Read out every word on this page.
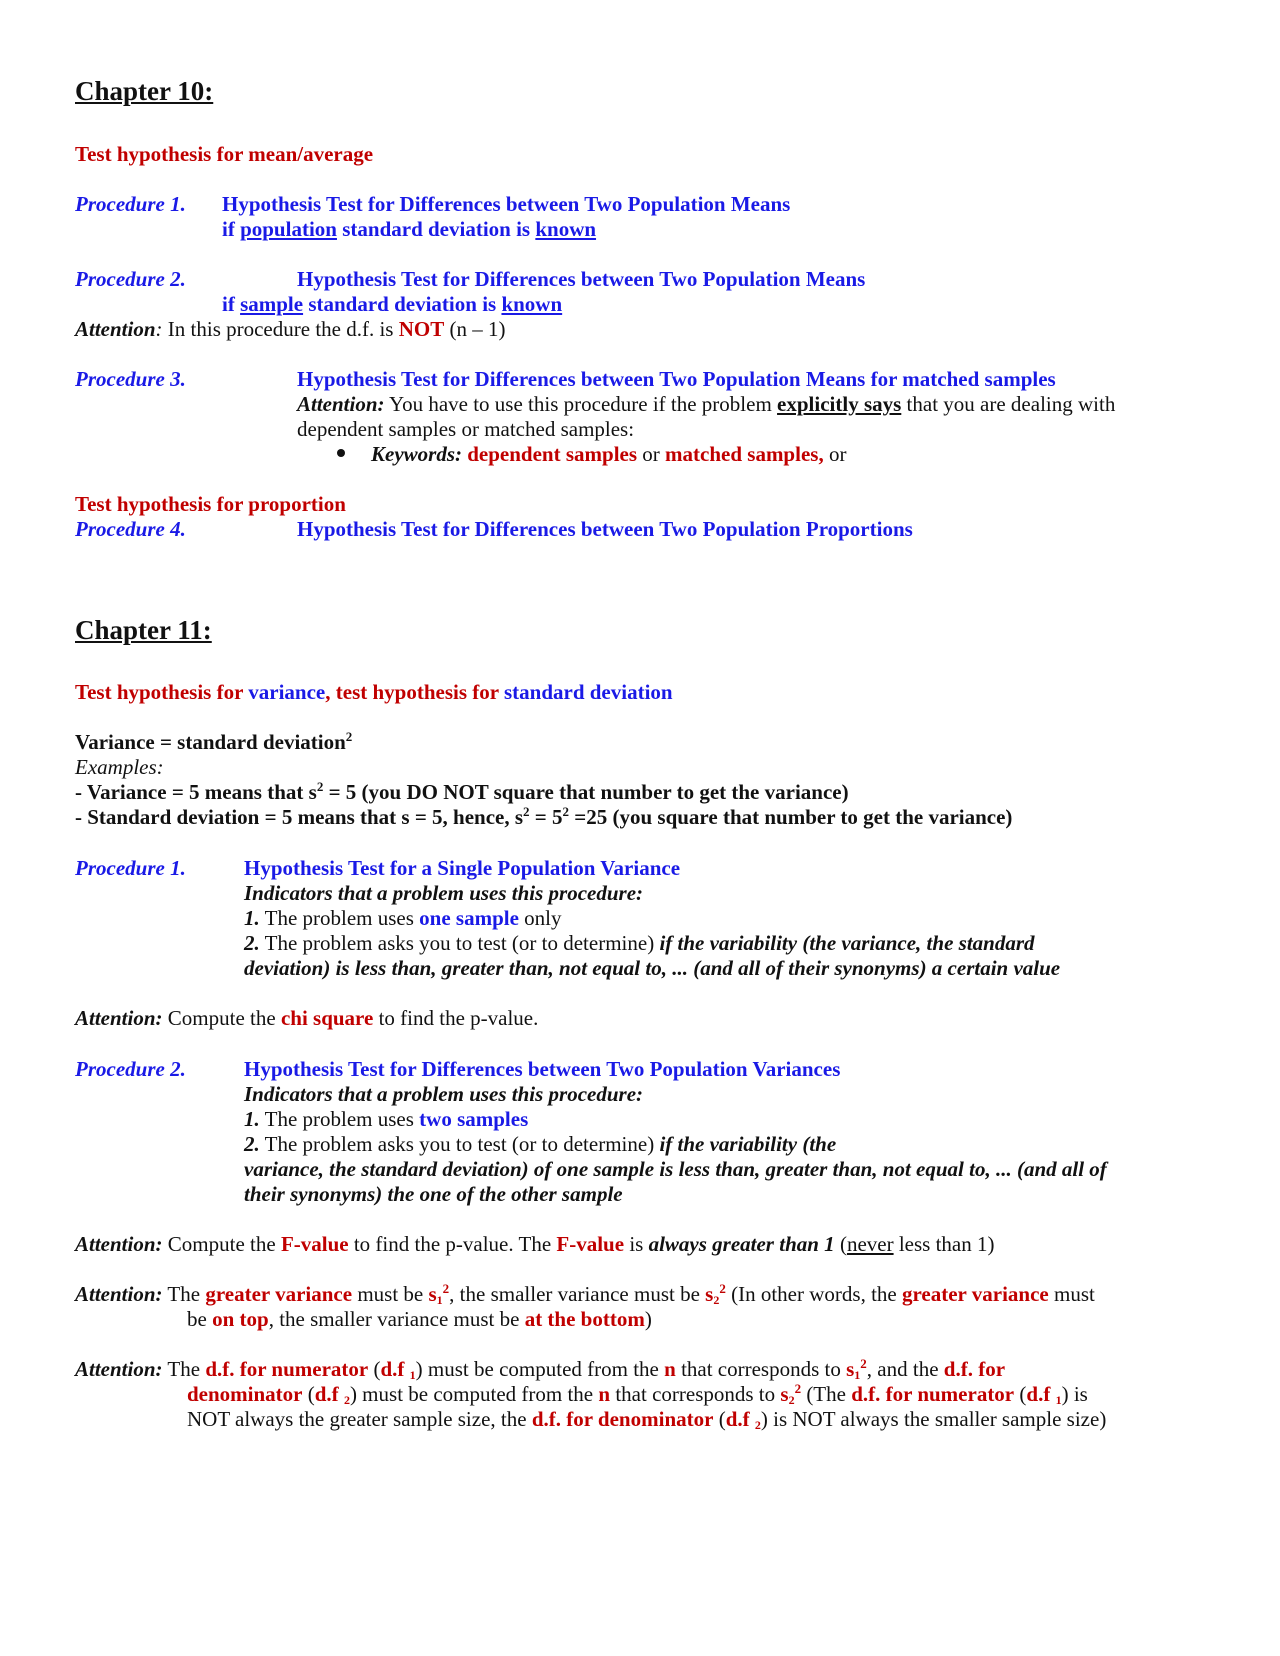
Chapter 10:
Test hypothesis for mean/average
Procedure 1. Hypothesis Test for Differences between Two Population Means
if population standard deviation is known
Procedure 2.	Hypothesis Test for Differences between Two Population Means
if sample standard deviation is known
Attention: In this procedure the d.f. is NOT (n – 1)
Procedure 3.	Hypothesis Test for Differences between Two Population Means for matched samples
Attention: You have to use this procedure if the problem explicitly says that you are dealing with
dependent samples or matched samples:
Keywords: dependent samples or matched samples, or
Test hypothesis for proportion
Procedure 4.	Hypothesis Test for Differences between Two Population Proportions
Chapter 11:
Test hypothesis for variance, test hypothesis for standard deviation
Variance = standard deviation$^2$
Examples:
- Variance = 5 means that $s^2 = 5$ (you DO NOT square that number to get the variance)
- Standard deviation = 5 means that s = 5, hence, $s^2 = 5^2 =25$ (you square that number to get the variance)
Procedure 1.	Hypothesis Test for a Single Population Variance
Indicators that a problem uses this procedure:
1. The problem uses one sample only
2. The problem asks you to test (or to determine) if the variability (the variance, the standard
deviation) is less than, greater than, not equal to, ... (and all of their synonyms) a certain value
Attention: Compute the chi square to find the p-value.
Procedure 2.	Hypothesis Test for Differences between Two Population Variances
Indicators that a problem uses this procedure:
1. The problem uses two samples
2. The problem asks you to test (or to determine) if the variability (the
variance, the standard deviation) of one sample is less than, greater than, not equal to, ... (and all of
their synonyms) the one of the other sample
Attention: Compute the F-value to find the p-value. The F-value is always greater than 1 (never less than 1)
Attention: The greater variance must be $s_1^2$, the smaller variance must be $s_2^2$ (In other words, the greater variance must
be on top, the smaller variance must be at the bottom)
Attention: The d.f. for numerator (d.f $_1$) must be computed from the n that corresponds to $s_1^2$, and the d.f. for
denominator (d.f $_2$) must be computed from the n that corresponds to $s_2^2$ (The d.f. for numerator (d.f $_1$) is
NOT always the greater sample size, the d.f. for denominator (d.f $_2$) is NOT always the smaller sample size)
